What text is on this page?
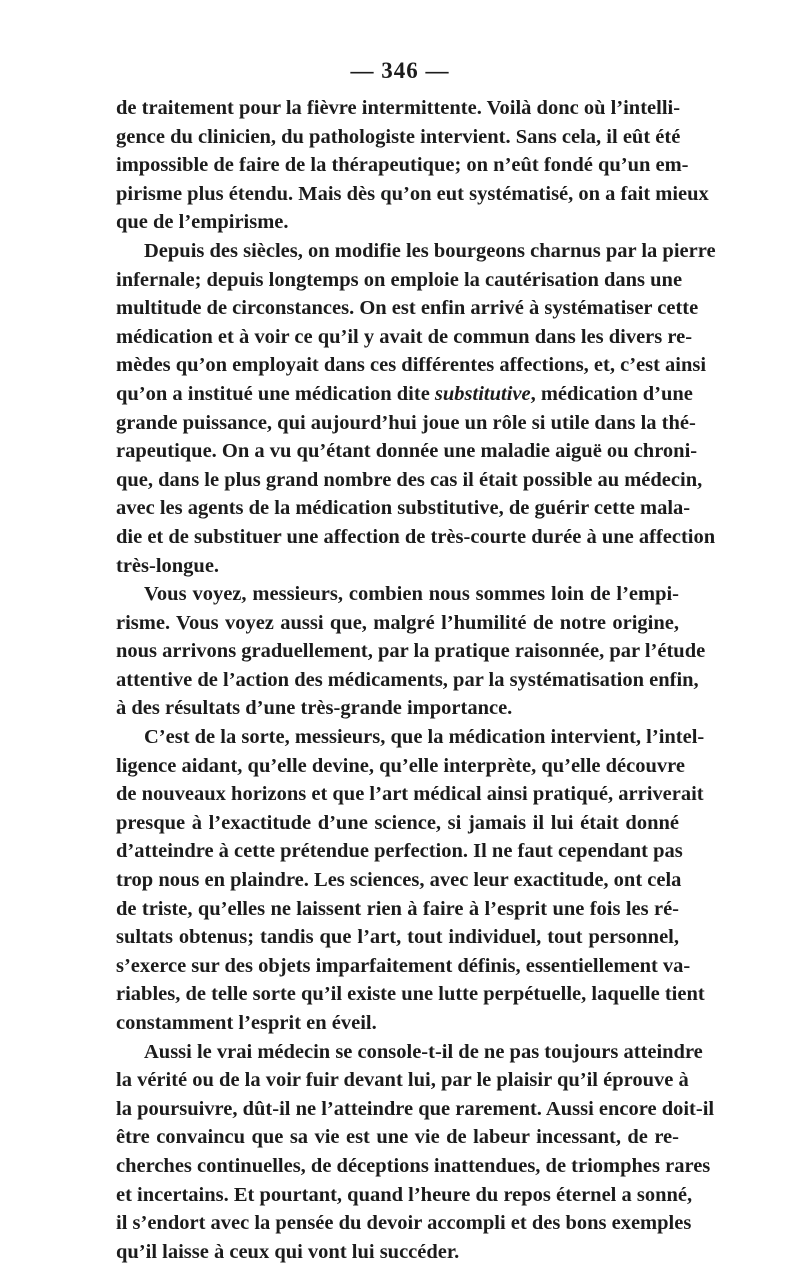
— 346 —
de traitement pour la fièvre intermittente. Voilà donc où l’intelli-
gence du clinicien, du pathologiste intervient. Sans cela, il eût été
impossible de faire de la thérapeutique; on n’eût fondé qu’un em-
pirisme plus étendu. Mais dès qu’on eut systématisé, on a fait mieux
que de l’empirisme.
Depuis des siècles, on modifie les bourgeons charnus par la pierre
infernale; depuis longtemps on emploie la cautérisation dans une
multitude de circonstances. On est enfin arrivé à systématiser cette
médication et à voir ce qu’il y avait de commun dans les divers re-
mèdes qu’on employait dans ces différentes affections, et, c’est ainsi
qu’on a institué une médication dite substitutive, médication d’une
grande puissance, qui aujourd’hui joue un rôle si utile dans la thé-
rapeutique. On a vu qu’étant donnée une maladie aiguë ou chroni-
que, dans le plus grand nombre des cas il était possible au médecin,
avec les agents de la médication substitutive, de guérir cette mala-
die et de substituer une affection de très-courte durée à une affection
très-longue.
Vous voyez, messieurs, combien nous sommes loin de l’empi-
risme. Vous voyez aussi que, malgré l’humilité de notre origine,
nous arrivons graduellement, par la pratique raisonnée, par l’étude
attentive de l’action des médicaments, par la systématisation enfin,
à des résultats d’une très-grande importance.
C’est de la sorte, messieurs, que la médication intervient, l’intel-
ligence aidant, qu’elle devine, qu’elle interprète, qu’elle découvre
de nouveaux horizons et que l’art médical ainsi pratiqué, arriverait
presque à l’exactitude d’une science, si jamais il lui était donné
d’atteindre à cette prétendue perfection. Il ne faut cependant pas
trop nous en plaindre. Les sciences, avec leur exactitude, ont cela
de triste, qu’elles ne laissent rien à faire à l’esprit une fois les ré-
sultats obtenus; tandis que l’art, tout individuel, tout personnel,
s’exerce sur des objets imparfaitement définis, essentiellement va-
riables, de telle sorte qu’il existe une lutte perpétuelle, laquelle tient
constamment l’esprit en éveil.
Aussi le vrai médecin se console-t-il de ne pas toujours atteindre
la vérité ou de la voir fuir devant lui, par le plaisir qu’il éprouve à
la poursuivre, dût-il ne l’atteindre que rarement. Aussi encore doit-il
être convaincu que sa vie est une vie de labeur incessant, de re-
cherches continuelles, de déceptions inattendues, de triomphes rares
et incertains. Et pourtant, quand l’heure du repos éternel a sonné,
il s’endort avec la pensée du devoir accompli et des bons exemples
qu’il laisse à ceux qui vont lui succéder.
